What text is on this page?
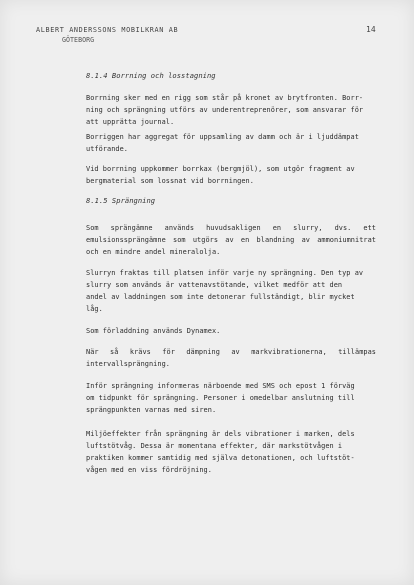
ALBERT ANDERSSONS MOBILKRAN AB
GÖTEBORG
14
8.1.4 Borrning och losstagning

Borrning sker med en rigg som står på kronet av brytfronten. Borr-
ning och sprängning utförs av underentreprenörer, som ansvarar för
att upprätta journal.

Borriggen har aggregat för uppsamling av damm och är i ljuddämpat
utförande.

Vid borrning uppkommer borrkax (bergmjöl), som utgör fragment av
bergmaterial som lossnat vid borrningen.

8.1.5 Sprängning

Som sprängämne används huvudsakligen en slurry, dvs. ett
emulsionssprängämne som utgörs av en blandning av ammoniumnitrat
och en mindre andel mineralolja.

Slurryn fraktas till platsen inför varje ny sprängning. Den typ av
slurry som används är vattenavstötande, vilket medför att den
andel av laddningen som inte detonerar fullständigt, blir mycket
låg.

Som förladdning används Dynamex.

När så krävs för dämpning av markvibrationerna, tillämpas
intervallsprängning.

Inför sprängning informeras närboende med SMS och epost 1 förväg
om tidpunkt för sprängning. Personer i omedelbar anslutning till
sprängpunkten varnas med siren.

Miljöeffekter från sprängning är dels vibrationer i marken, dels
luftstötvåg. Dessa är momentana effekter, där markstötvågen i
praktiken kommer samtidig med själva detonationen, och luftstöt-
vågen med en viss fördröjning.
